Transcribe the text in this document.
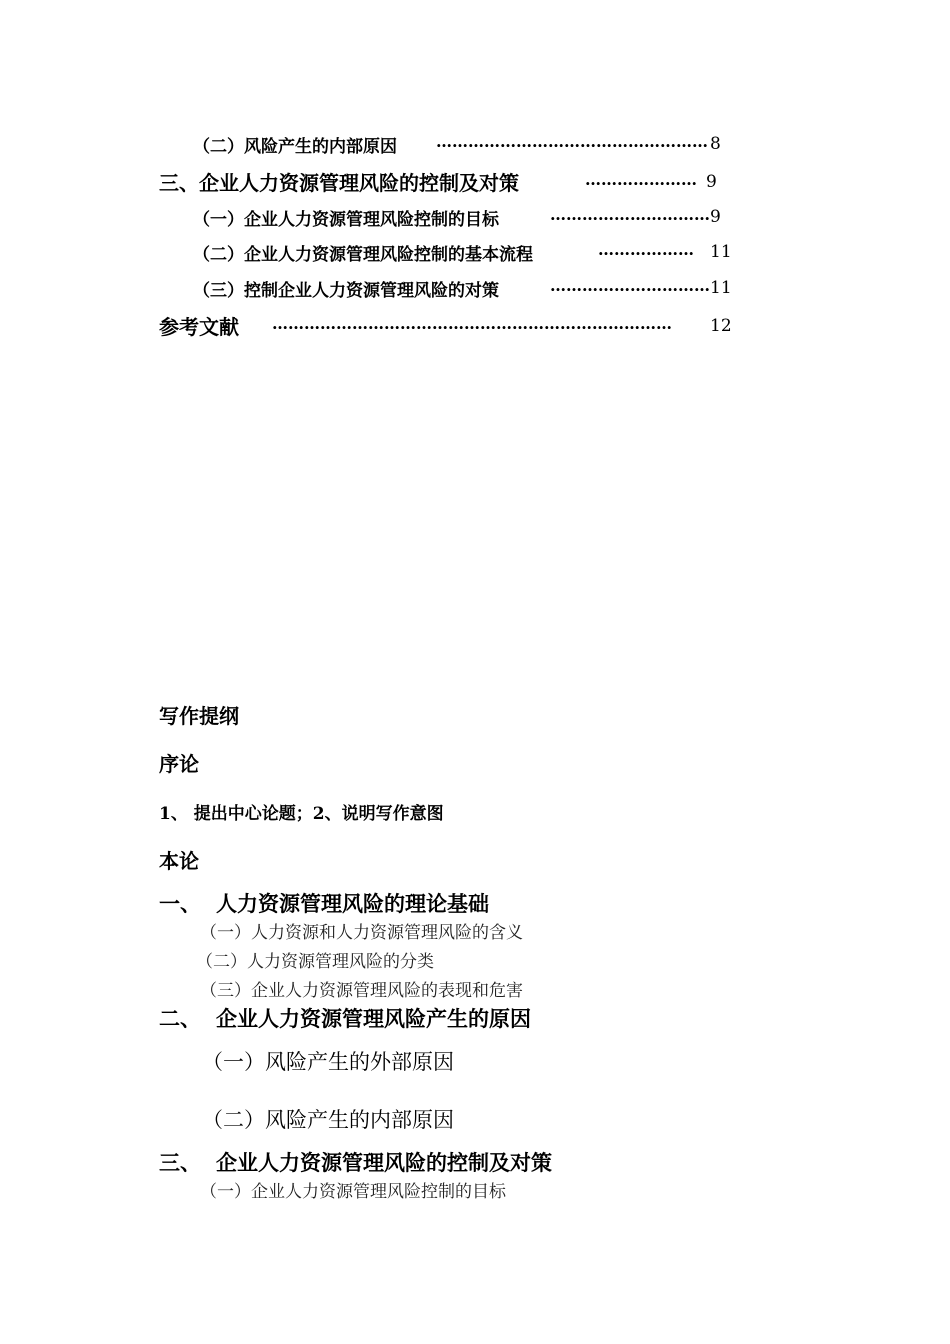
（二）风险产生的内部原因 …………………………………………… 8
三、企业人力资源管理风险的控制及对策	………………… 9
（一）企业人力资源管理风险控制的目标	………………………… 9
（二）企业人力资源管理风险控制的基本流程	……………… 11
（三）控制企业人力资源管理风险的对策	………………………… 11
参考文献 ………………………………………………………………… 12
写作提纲
序论
1、 提出中心论题；2、说明写作意图
本论
一、 人力资源管理风险的理论基础
（一）人力资源和人力资源管理风险的含义
（二）人力资源管理风险的分类
（三）企业人力资源管理风险的表现和危害
二、 企业人力资源管理风险产生的原因
（一）风险产生的外部原因
（二）风险产生的内部原因
三、 企业人力资源管理风险的控制及对策
（一）企业人力资源管理风险控制的目标
